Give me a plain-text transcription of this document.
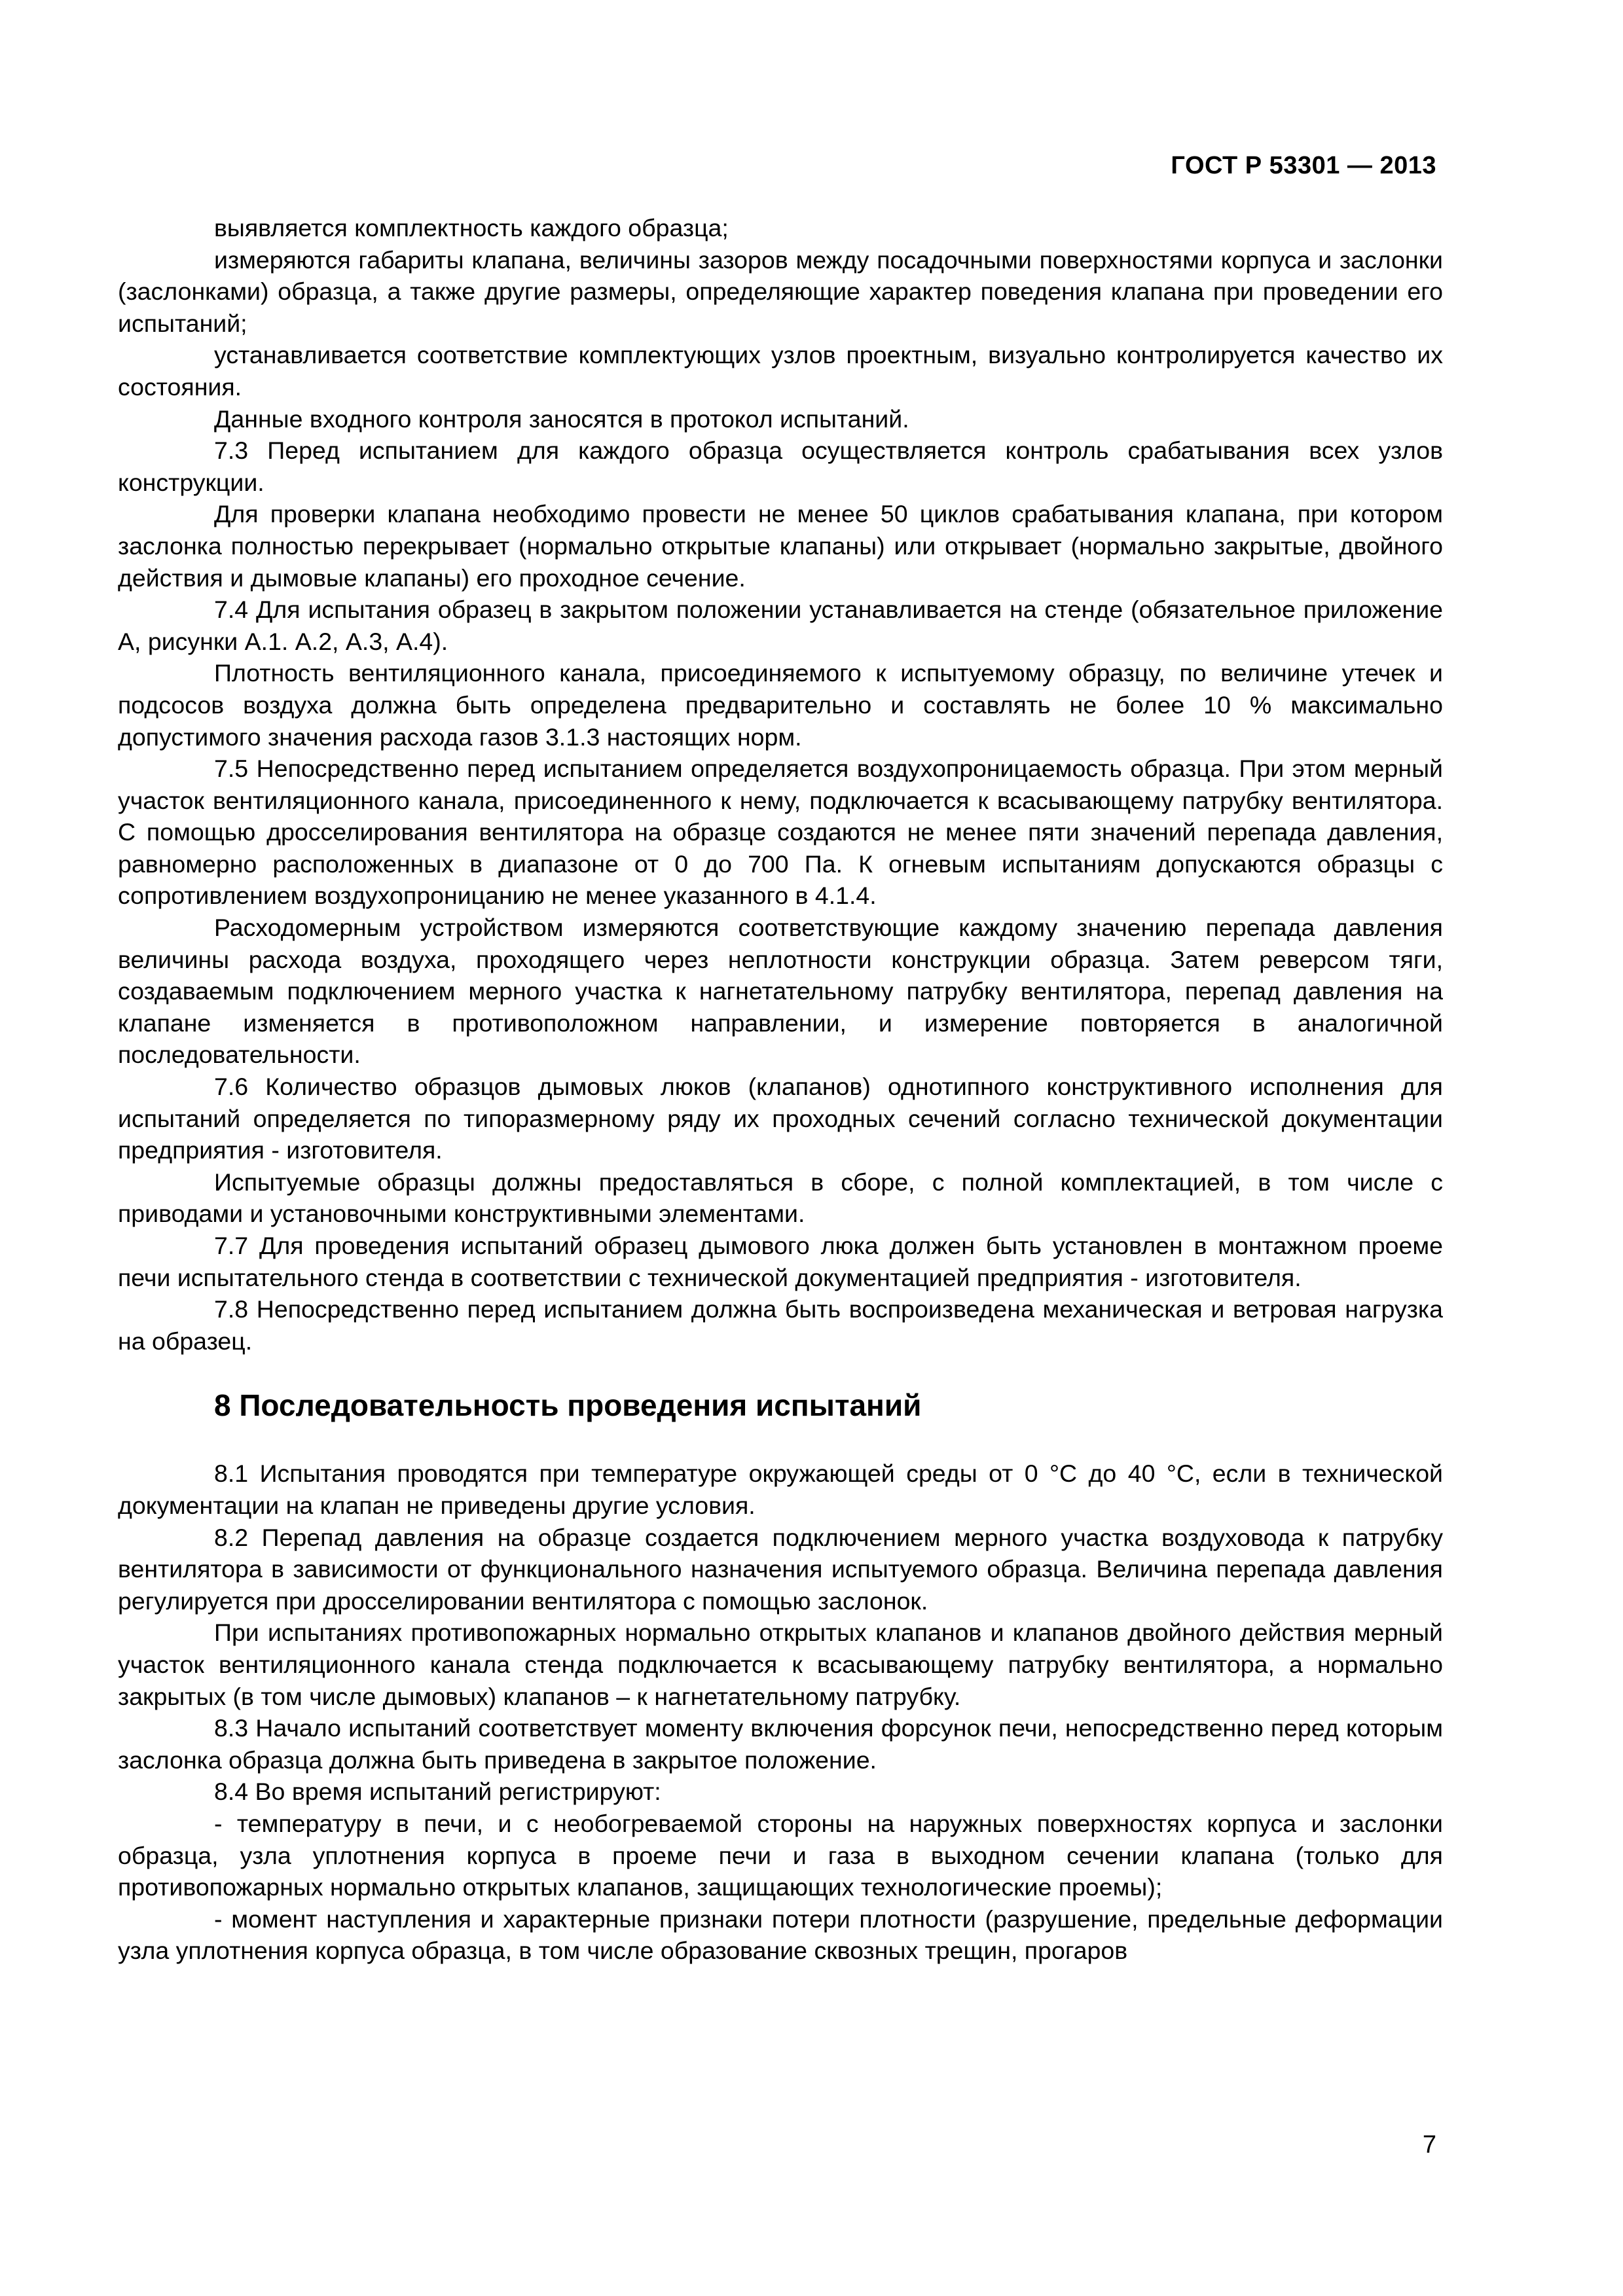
ГОСТ Р 53301 — 2013

выявляется комплектность каждого образца;

измеряются габариты клапана, величины зазоров между посадочными поверхностями корпуса и заслонки (заслонками) образца, а также другие размеры, определяющие характер поведения клапана при проведении его испытаний;

устанавливается соответствие комплектующих узлов проектным, визуально контролируется качество их состояния.

Данные входного контроля заносятся в протокол испытаний.

7.3 Перед испытанием для каждого образца осуществляется контроль срабатывания всех узлов конструкции.

Для проверки клапана необходимо провести не менее 50 циклов срабатывания клапана, при котором заслонка полностью перекрывает (нормально открытые клапаны) или открывает (нормально закрытые, двойного действия и дымовые клапаны) его проходное сечение.

7.4 Для испытания образец в закрытом положении устанавливается на стенде (обязательное приложение А, рисунки А.1. А.2, А.3, А.4).

Плотность вентиляционного канала, присоединяемого к испытуемому образцу, по величине утечек и подсосов воздуха должна быть определена предварительно и составлять не более 10 % максимально допустимого значения расхода газов 3.1.3 настоящих норм.

7.5 Непосредственно перед испытанием определяется воздухопроницаемость образца. При этом мерный участок вентиляционного канала, присоединенного к нему, подключается к всасывающему патрубку вентилятора. С помощью дросселирования вентилятора на образце создаются не менее пяти значений перепада давления, равномерно расположенных в диапазоне от 0 до 700 Па. К огневым испытаниям допускаются образцы с сопротивлением воздухопроницанию не менее указанного в 4.1.4.

Расходомерным устройством измеряются соответствующие каждому значению перепада давления величины расхода воздуха, проходящего через неплотности конструкции образца. Затем реверсом тяги, создаваемым подключением мерного участка к нагнетательному патрубку вентилятора, перепад давления на клапане изменяется в противоположном направлении, и измерение повторяется в аналогичной последовательности.

7.6 Количество образцов дымовых люков (клапанов) однотипного конструктивного исполнения для испытаний определяется по типоразмерному ряду их проходных сечений согласно технической документации предприятия - изготовителя.

Испытуемые образцы должны предоставляться в сборе, с полной комплектацией, в том числе с приводами и установочными конструктивными элементами.

7.7 Для проведения испытаний образец дымового люка должен быть установлен в монтажном проеме печи испытательного стенда в соответствии с технической документацией предприятия - изготовителя.

7.8 Непосредственно перед испытанием должна быть воспроизведена механическая и ветровая нагрузка на образец.

8 Последовательность проведения испытаний

8.1 Испытания проводятся при температуре окружающей среды от 0 °С до 40 °С, если в технической документации на клапан не приведены другие условия.

8.2 Перепад давления на образце создается подключением мерного участка воздуховода к патрубку вентилятора в зависимости от функционального назначения испытуемого образца. Величина перепада давления регулируется при дросселировании вентилятора с помощью заслонок.

При испытаниях противопожарных нормально открытых клапанов и клапанов двойного действия мерный участок вентиляционного канала стенда подключается к всасывающему патрубку вентилятора, а нормально закрытых (в том числе дымовых) клапанов – к нагнетательному патрубку.

8.3 Начало испытаний соответствует моменту включения форсунок печи, непосредственно перед которым заслонка образца должна быть приведена в закрытое положение.

8.4 Во время испытаний регистрируют:

- температуру в печи, и с необогреваемой стороны на наружных поверхностях корпуса и заслонки образца, узла уплотнения корпуса в проеме печи и газа в выходном сечении клапана (только для противопожарных нормально открытых клапанов, защищающих технологические проемы);

- момент наступления и характерные признаки потери плотности (разрушение, предельные деформации узла уплотнения корпуса образца, в том числе образование сквозных трещин, прогаров

7
